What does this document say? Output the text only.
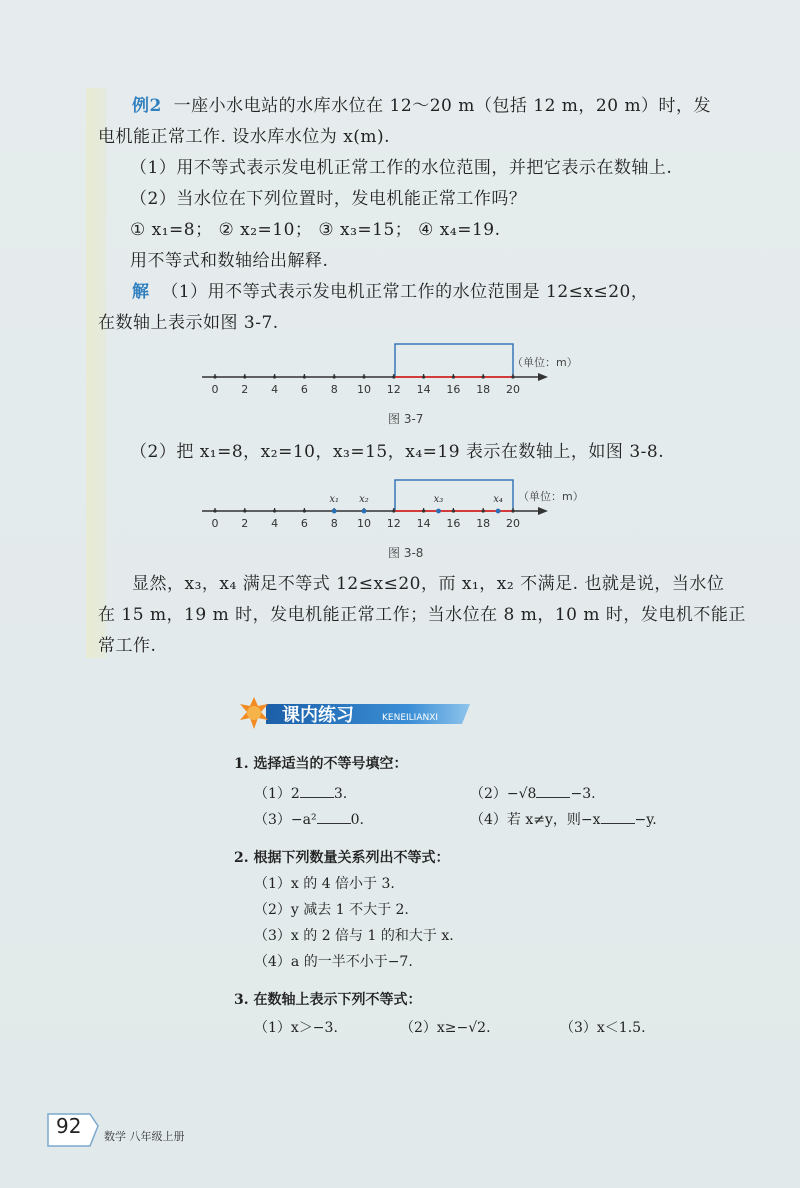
例2 一座小水电站的水库水位在 12～20 m（包括 12 m，20 m）时，发
电机能正常工作. 设水库水位为 x(m).
（1）用不等式表示发电机正常工作的水位范围，并把它表示在数轴上.
（2）当水位在下列位置时，发电机能正常工作吗？
① x₁=8； ② x₂=10； ③ x₃=15； ④ x₄=19.
用不等式和数轴给出解释.
解 （1）用不等式表示发电机正常工作的水位范围是 12≤x≤20，
在数轴上表示如图 3-7.
0 2 4 6 8 10 12 14 16 18 20
（单位：m）
图 3-7
（2）把 x₁=8，x₂=10，x₃=15，x₄=19 表示在数轴上，如图 3-8.
0 2 4 6 8 10 12 14 16 18 20
x₁ x₂	x₃	x₄ （单位：m）
图 3-8
显然，x₃，x₄ 满足不等式 12≤x≤20，而 x₁，x₂ 不满足. 也就是说，当水位
在 15 m，19 m 时，发电机能正常工作；当水位在 8 m，10 m 时，发电机不能正
常工作.
课内练习	KENEILIANXI
1. 选择适当的不等号填空：
（1）2 3.	（2）−√8 −3.
（3）−a² 0.	（4）若 x≠y，则−x −y.
2. 根据下列数量关系列出不等式：
（1）x 的 4 倍小于 3.
（2）y 减去 1 不大于 2.
（3）x 的 2 倍与 1 的和大于 x.
（4）a 的一半不小于−7.
3. 在数轴上表示下列不等式：
（1）x＞−3.	（2）x≥−√2.	（3）x＜1.5.
92 数学 八年级上册
